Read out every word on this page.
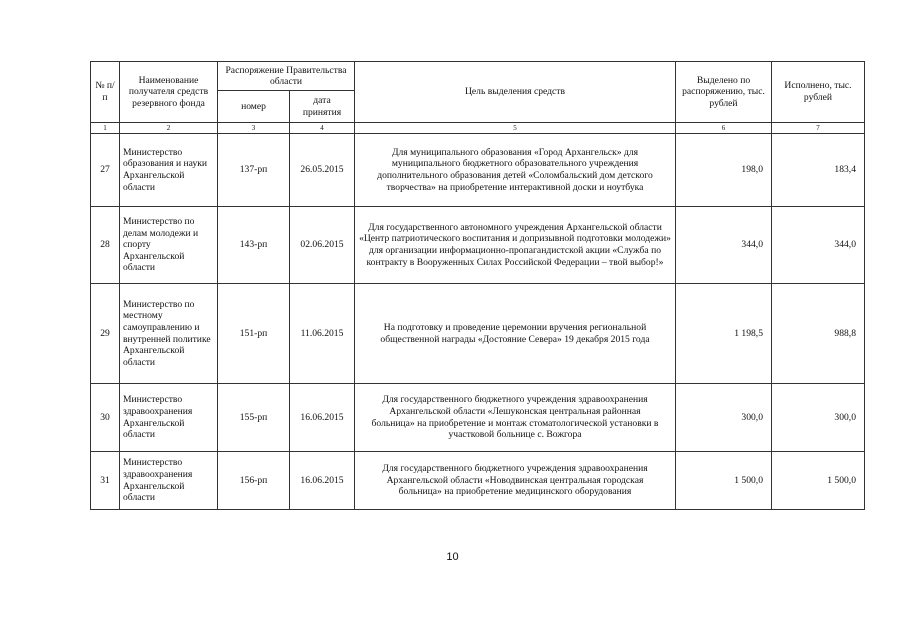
№ п/п	Наименование получателя средств резервного фонда	Распоряжение Правительства области		Цель выделения средств	Выделено по распоряжению, тыс. рублей	Исполнено, тыс. рублей
		номер	дата принятия			
1	2	3	4	5	6	7
27	Министерство образования и науки Архангельской области	137-рп	26.05.2015	Для муниципального образования «Город Архангельск» для муниципального бюджетного образовательного учреждения дополнительного образования детей «Соломбальский дом детского творчества» на приобретение интерактивной доски и ноутбука	198,0	183,4
28	Министерство по делам молодежи и спорту Архангельской области	143-рп	02.06.2015	Для государственного автономного учреждения Архангельской области «Центр патриотического воспитания и допризывной подготовки молодежи» для организации информационно-пропагандистской акции «Служба по контракту в Вооруженных Силах Российской Федерации – твой выбор!»	344,0	344,0
29	Министерство по местному самоуправлению и внутренней политике Архангельской области	151-рп	11.06.2015	На подготовку и проведение церемонии вручения региональной общественной награды «Достояние Севера» 19 декабря 2015 года	1 198,5	988,8
30	Министерство здравоохранения Архангельской области	155-рп	16.06.2015	Для государственного бюджетного учреждения здравоохранения Архангельской области «Лешуконская центральная районная больница» на приобретение и монтаж стоматологической установки в участковой больнице с. Вожгора	300,0	300,0
31	Министерство здравоохранения Архангельской области	156-рп	16.06.2015	Для государственного бюджетного учреждения здравоохранения Архангельской области «Новодвинская центральная городская больница» на приобретение медицинского оборудования	1 500,0	1 500,0
10
